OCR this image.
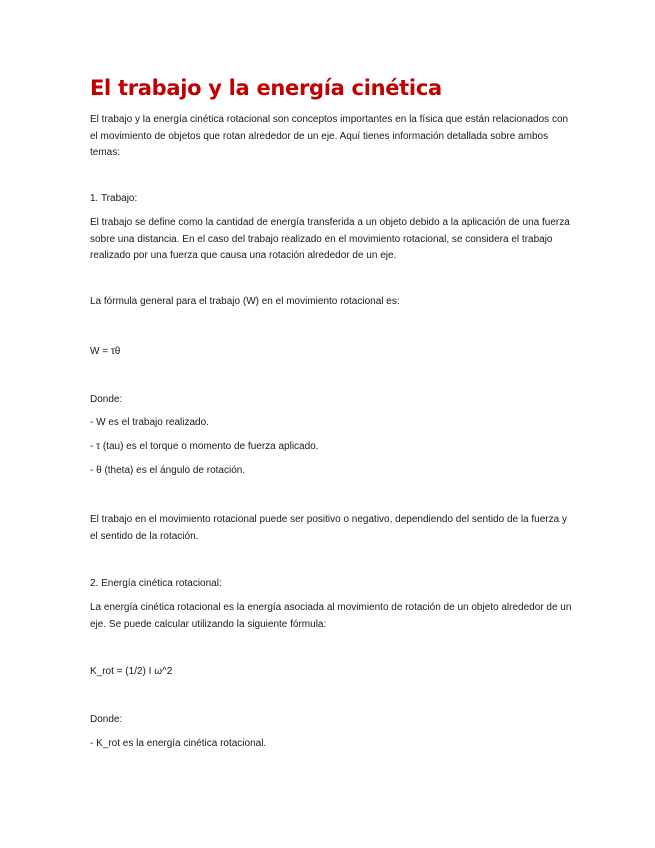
El trabajo y la energía cinética

El trabajo y la energía cinética rotacional son conceptos importantes en la física que están relacionados con el movimiento de objetos que rotan alrededor de un eje. Aquí tienes información detallada sobre ambos temas:

1. Trabajo:

El trabajo se define como la cantidad de energía transferida a un objeto debido a la aplicación de una fuerza sobre una distancia. En el caso del trabajo realizado en el movimiento rotacional, se considera el trabajo realizado por una fuerza que causa una rotación alrededor de un eje.

La fórmula general para el trabajo (W) en el movimiento rotacional es:

W = τθ

Donde:

- W es el trabajo realizado.

- τ (tau) es el torque o momento de fuerza aplicado.

- θ (theta) es el ángulo de rotación.

El trabajo en el movimiento rotacional puede ser positivo o negativo, dependiendo del sentido de la fuerza y el sentido de la rotación.

2. Energía cinética rotacional:

La energía cinética rotacional es la energía asociada al movimiento de rotación de un objeto alrededor de un eje. Se puede calcular utilizando la siguiente fórmula:

K_rot = (1/2) I ω^2

Donde:

- K_rot es la energía cinética rotacional.
